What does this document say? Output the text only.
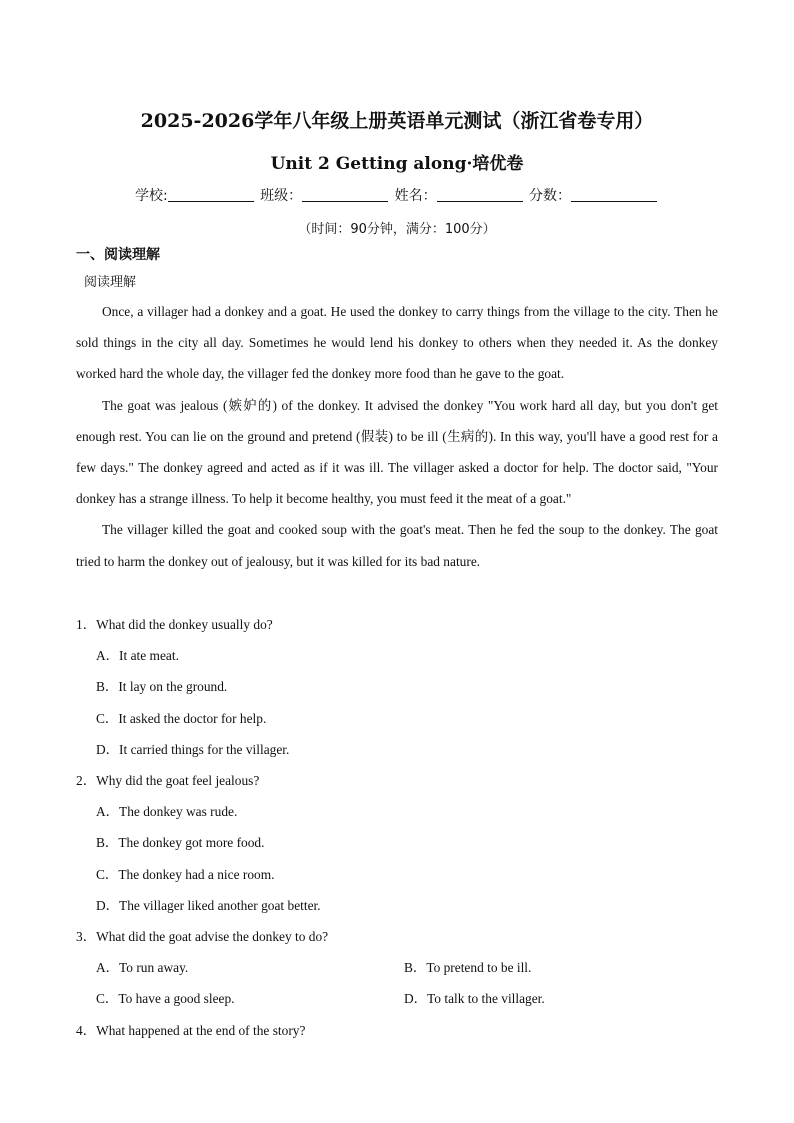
2025-2026学年八年级上册英语单元测试（浙江省卷专用）
Unit 2 Getting along·培优卷
学校:	班级：	姓名：	分数：
（时间：90分钟，满分：100分）
一、阅读理解
阅读理解

Once, a villager had a donkey and a goat. He used the donkey to carry things from the village to the city. Then he sold things in the city all day. Sometimes he would lend his donkey to others when they needed it. As the donkey worked hard the whole day, the villager fed the donkey more food than he gave to the goat.

The goat was jealous (嫉妒的) of the donkey. It advised the donkey "You work hard all day, but you don't get enough rest. You can lie on the ground and pretend (假装) to be ill (生病的). In this way, you'll have a good rest for a few days." The donkey agreed and acted as if it was ill. The villager asked a doctor for help. The doctor said, "Your donkey has a strange illness. To help it become healthy, you must feed it the meat of a goat."

The villager killed the goat and cooked soup with the goat's meat. Then he fed the soup to the donkey. The goat tried to harm the donkey out of jealousy, but it was killed for its bad nature.

1．What did the donkey usually do?
A．It ate meat.
B．It lay on the ground.
C．It asked the doctor for help.
D．It carried things for the villager.
2．Why did the goat feel jealous?
A．The donkey was rude.
B．The donkey got more food.
C．The donkey had a nice room.
D．The villager liked another goat better.
3．What did the goat advise the donkey to do?
A．To run away.	B．To pretend to be ill.
C．To have a good sleep.	D．To talk to the villager.
4．What happened at the end of the story?
